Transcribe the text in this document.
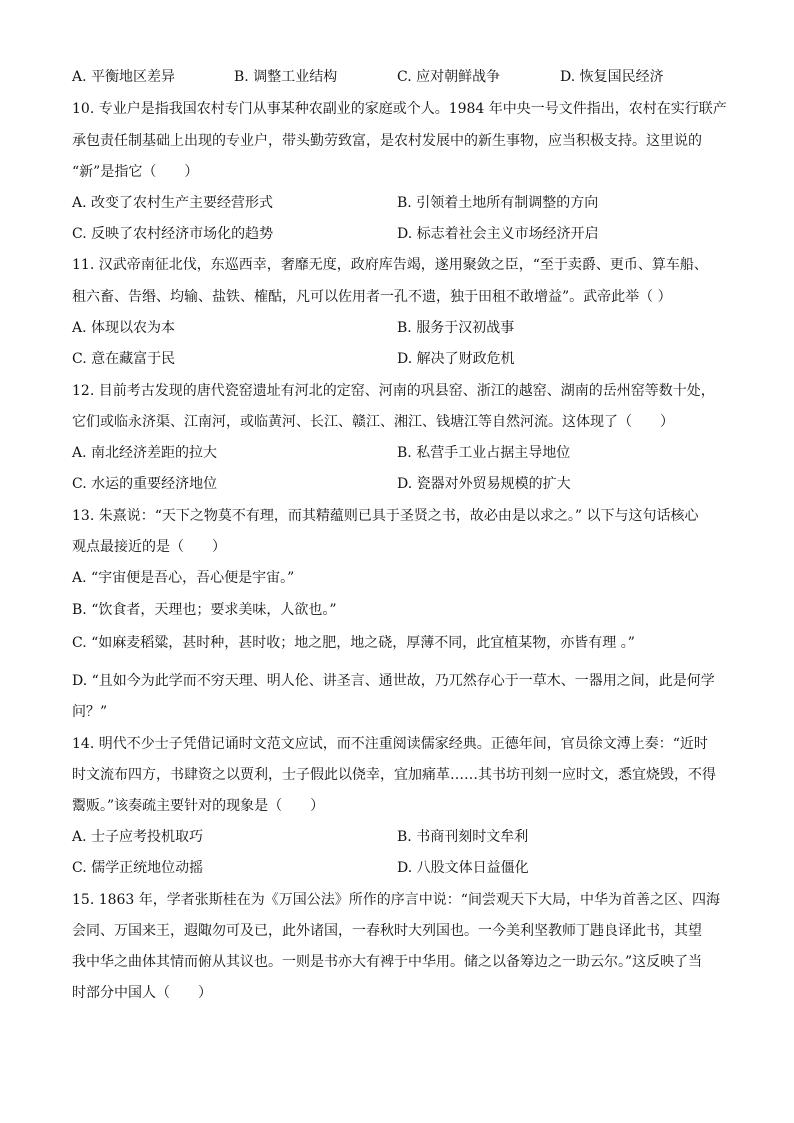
A. 平衡地区差异	B. 调整工业结构	C. 应对朝鲜战争	D. 恢复国民经济
10. 专业户是指我国农村专门从事某种农副业的家庭或个人。1984 年中央一号文件指出，农村在实行联产
承包责任制基础上出现的专业户，带头勤劳致富，是农村发展中的新生事物，应当积极支持。这里说的
“新”是指它（　　）
A. 改变了农村生产主要经营形式	B. 引领着土地所有制调整的方向
C. 反映了农村经济市场化的趋势	D. 标志着社会主义市场经济开启
11. 汉武帝南征北伐，东巡西幸，奢靡无度，政府库告竭，遂用聚敛之臣，“至于卖爵、更币、算车船、
租六畜、告缗、均输、盐铁、榷酤，凡可以佐用者一孔不遗，独于田租不敢增益”。武帝此举（ ）
A. 体现以农为本	B. 服务于汉初战事
C. 意在藏富于民	D. 解决了财政危机
12. 目前考古发现的唐代瓷窑遗址有河北的定窑、河南的巩县窑、浙江的越窑、湖南的岳州窑等数十处，
它们或临永济渠、江南河，或临黄河、长江、赣江、湘江、钱塘江等自然河流。这体现了（　　）
A. 南北经济差距的拉大	B. 私营手工业占据主导地位
C. 水运的重要经济地位	D. 瓷器对外贸易规模的扩大
13. 朱熹说：“天下之物莫不有理，而其精蕴则已具于圣贤之书，故必由是以求之。” 以下与这句话核心
观点最接近的是（　　）
A. “宇宙便是吾心，吾心便是宇宙。”
B. “饮食者，天理也；要求美味，人欲也。”
C. “如麻麦稻粱，甚时种，甚时收；地之肥，地之硗，厚薄不同，此宜植某物，亦皆有理 。”
D. “且如今为此学而不穷天理、明人伦、讲圣言、通世故，乃兀然存心于一草木、一器用之间，此是何学
问？”
14. 明代不少士子凭借记诵时文范文应试，而不注重阅读儒家经典。正德年间，官员徐文溥上奏：“近时
时文流布四方，书肆资之以贾利，士子假此以侥幸，宜加痛革……其书坊刊刻一应时文，悉宜烧毁，不得
鬻贩。”该奏疏主要针对的现象是（　　）
A. 士子应考投机取巧	B. 书商刊刻时文牟利
C. 儒学正统地位动摇	D. 八股文体日益僵化
15. 1863 年，学者张斯桂在为《万国公法》所作的序言中说：“间尝观天下大局，中华为首善之区、四海
会同、万国来王，遐陬勿可及已，此外诸国，一春秋时大列国也。一今美利坚教师丁韪良译此书，其望
我中华之曲体其情而俯从其议也。一则是书亦大有裨于中华用。储之以备筹边之一助云尔。”这反映了当
时部分中国人（　　）
